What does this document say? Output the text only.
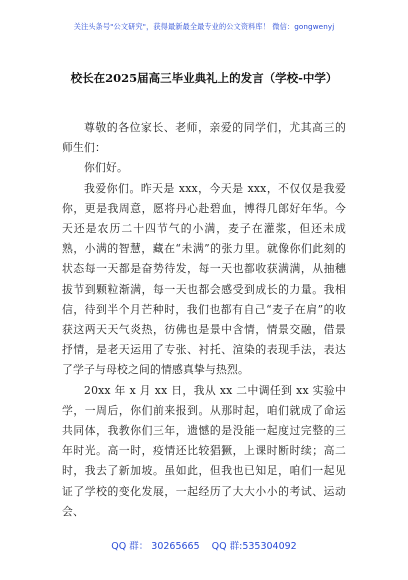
关注头条号"公文研究"，获得最新最全最专业的公文资料库！ 微信：gongwenyj
校长在2025届高三毕业典礼上的发言（学校-中学）

尊敬的各位家长、老师，亲爱的同学们，尤其高三的师生们：

你们好。

我爱你们。昨天是 xxx，今天是 xxx，不仅仅是我爱你，更是我周意，愿将丹心赴碧血，博得几郎好年华。今天还是农历二十四节气的小满，麦子在灌浆，但还未成熟，小满的智慧，藏在“未满”的张力里。就像你们此刻的状态每一天都是奋势待发，每一天也都收获满满，从抽穗拔节到颗粒渐满，每一天也都会感受到成长的力量。我相信，待到半个月芒种时，我们也都有自己“麦子在肩”的收获这两天天气炎热，彷佛也是景中含情，情景交融，借景抒情，是老天运用了专张、衬托、渲染的表现手法，表达了学子与母校之间的情感真挚与热烈。

20xx 年 x 月 xx 日，我从 xx 二中调任到 xx 实验中学，一周后，你们前来报到。从那时起，咱们就成了命运共同体，我教你们三年，遗憾的是没能一起度过完整的三年时光。高一时，疫情还比较猖獗，上课时断时续；高二时，我去了新加坡。虽如此，但我也已知足，咱们一起见证了学校的变化发展，一起经历了大大小小的考试、运动会、

QQ 群： 30265665 QQ 群:535304092
